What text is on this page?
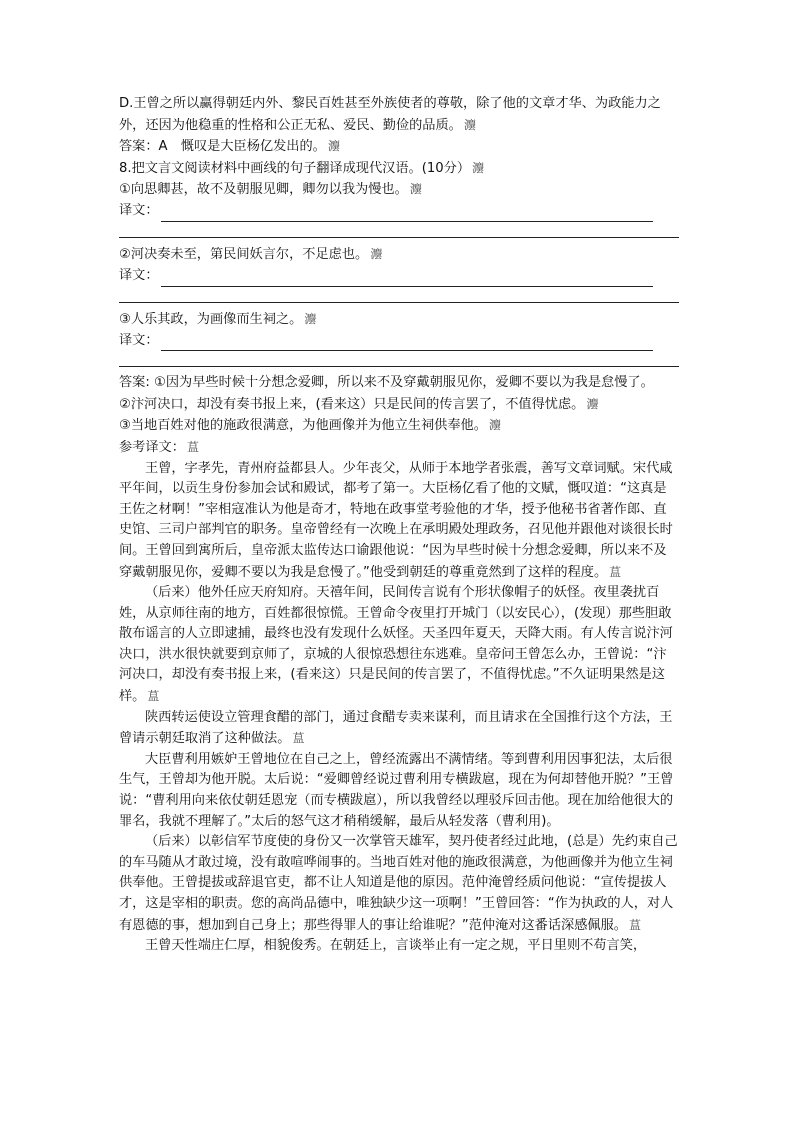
D.王曾之所以赢得朝廷内外、黎民百姓甚至外族使者的尊敬，除了他的文章才华、为政能力之外，还因为他稳重的性格和公正无私、爱民、勤俭的品质。 灋

答案：A　慨叹是大臣杨亿发出的。 灋

8.把文言文阅读材料中画线的句子翻译成现代汉语。(10分） 灋

①向思卿甚，故不及朝服见卿，卿勿以我为慢也。 灋

译文：

②河决奏未至，第民间妖言尔，不足虑也。 灋

译文：

③人乐其政，为画像而生祠之。 灋

译文：

答案: ①因为早些时候十分想念爱卿，所以来不及穿戴朝服见你，爱卿不要以为我是怠慢了。

②汴河决口，却没有奏书报上来，(看来这）只是民间的传言罢了，不值得忧虑。 灋

③当地百姓对他的施政很满意，为他画像并为他立生祠供奉他。 灋

参考译文： 蒀

王曾，字孝先，青州府益都县人。少年丧父，从师于本地学者张震，善写文章词赋。宋代咸平年间，以贡生身份参加会试和殿试，都考了第一。大臣杨亿看了他的文赋，慨叹道：“这真是王佐之材啊！”宰相寇准认为他是奇才，特地在政事堂考验他的才华，授予他秘书省著作郎、直史馆、三司户部判官的职务。皇帝曾经有一次晚上在承明殿处理政务，召见他并跟他对谈很长时间。王曾回到寓所后，皇帝派太监传达口谕跟他说：“因为早些时候十分想念爱卿，所以来不及穿戴朝服见你，爱卿不要以为我是怠慢了。”他受到朝廷的尊重竟然到了这样的程度。 蒀

（后来）他外任应天府知府。天禧年间，民间传言说有个形状像帽子的妖怪。夜里袭扰百姓，从京师往南的地方，百姓都很惊慌。王曾命令夜里打开城门（以安民心），(发现）那些胆敢散布谣言的人立即逮捕，最终也没有发现什么妖怪。天圣四年夏天，天降大雨。有人传言说汴河决口，洪水很快就要到京师了，京城的人很惊恐想往东逃难。皇帝问王曾怎么办，王曾说：“汴河决口，却没有奏书报上来，(看来这）只是民间的传言罢了，不值得忧虑。”不久证明果然是这样。 蒀

陕西转运使设立管理食醋的部门，通过食醋专卖来谋利，而且请求在全国推行这个方法，王曾请示朝廷取消了这种做法。 蒀

大臣曹利用嫉妒王曾地位在自己之上，曾经流露出不满情绪。等到曹利用因事犯法，太后很生气，王曾却为他开脱。太后说：“爱卿曾经说过曹利用专横跋扈，现在为何却替他开脱？”王曾说：“曹利用向来依仗朝廷恩宠（而专横跋扈），所以我曾经以理驳斥回击他。现在加给他很大的罪名，我就不理解了。”太后的怒气这才稍稍缓解，最后从轻发落（曹利用)。

（后来）以彰信军节度使的身份又一次掌管天雄军，契丹使者经过此地，(总是）先约束自己的车马随从才敢过境，没有敢喧哗闹事的。当地百姓对他的施政很满意，为他画像并为他立生祠供奉他。王曾提拔或辞退官吏，都不让人知道是他的原因。范仲淹曾经质问他说：“宣传提拔人才，这是宰相的职责。您的高尚品德中，唯独缺少这一项啊！”王曾回答：“作为执政的人，对人有恩德的事，想加到自己身上；那些得罪人的事让给谁呢？”范仲淹对这番话深感佩服。 蒀

王曾天性端庄仁厚，相貌俊秀。在朝廷上，言谈举止有一定之规，平日里则不苟言笑，
